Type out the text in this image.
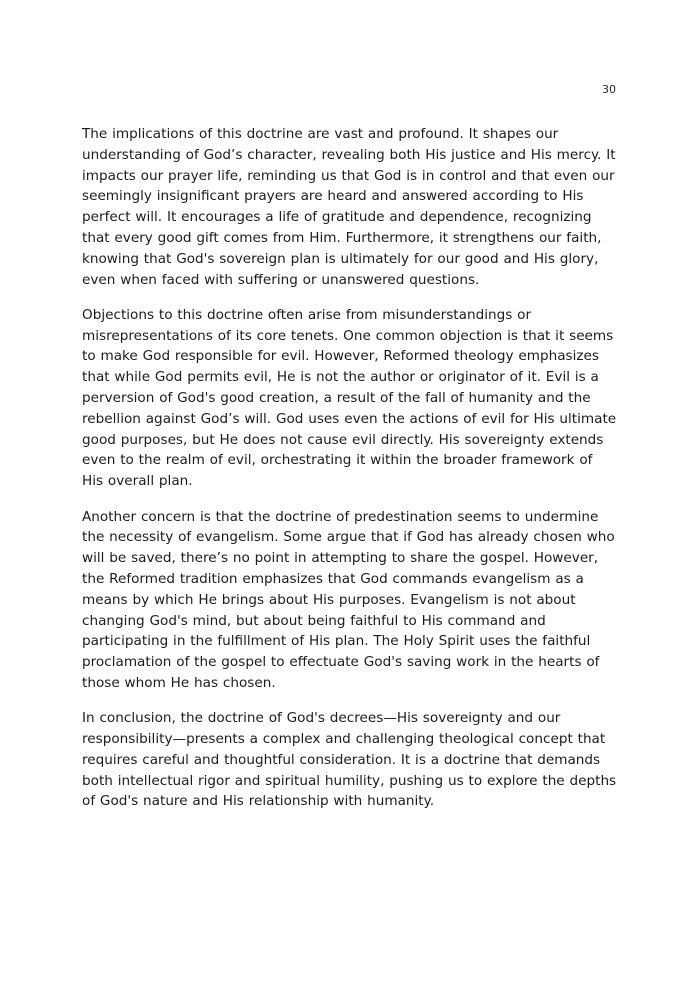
30

The implications of this doctrine are vast and profound. It shapes our understanding of God’s character, revealing both His justice and His mercy. It impacts our prayer life, reminding us that God is in control and that even our seemingly insignificant prayers are heard and answered according to His perfect will. It encourages a life of gratitude and dependence, recognizing that every good gift comes from Him. Furthermore, it strengthens our faith, knowing that God's sovereign plan is ultimately for our good and His glory, even when faced with suffering or unanswered questions.

Objections to this doctrine often arise from misunderstandings or misrepresentations of its core tenets. One common objection is that it seems to make God responsible for evil. However, Reformed theology emphasizes that while God permits evil, He is not the author or originator of it. Evil is a perversion of God's good creation, a result of the fall of humanity and the rebellion against God’s will. God uses even the actions of evil for His ultimate good purposes, but He does not cause evil directly. His sovereignty extends even to the realm of evil, orchestrating it within the broader framework of His overall plan.

Another concern is that the doctrine of predestination seems to undermine the necessity of evangelism. Some argue that if God has already chosen who will be saved, there’s no point in attempting to share the gospel. However, the Reformed tradition emphasizes that God commands evangelism as a means by which He brings about His purposes. Evangelism is not about changing God's mind, but about being faithful to His command and participating in the fulfillment of His plan. The Holy Spirit uses the faithful proclamation of the gospel to effectuate God's saving work in the hearts of those whom He has chosen.

In conclusion, the doctrine of God's decrees—His sovereignty and our responsibility—presents a complex and challenging theological concept that requires careful and thoughtful consideration. It is a doctrine that demands both intellectual rigor and spiritual humility, pushing us to explore the depths of God's nature and His relationship with humanity.
